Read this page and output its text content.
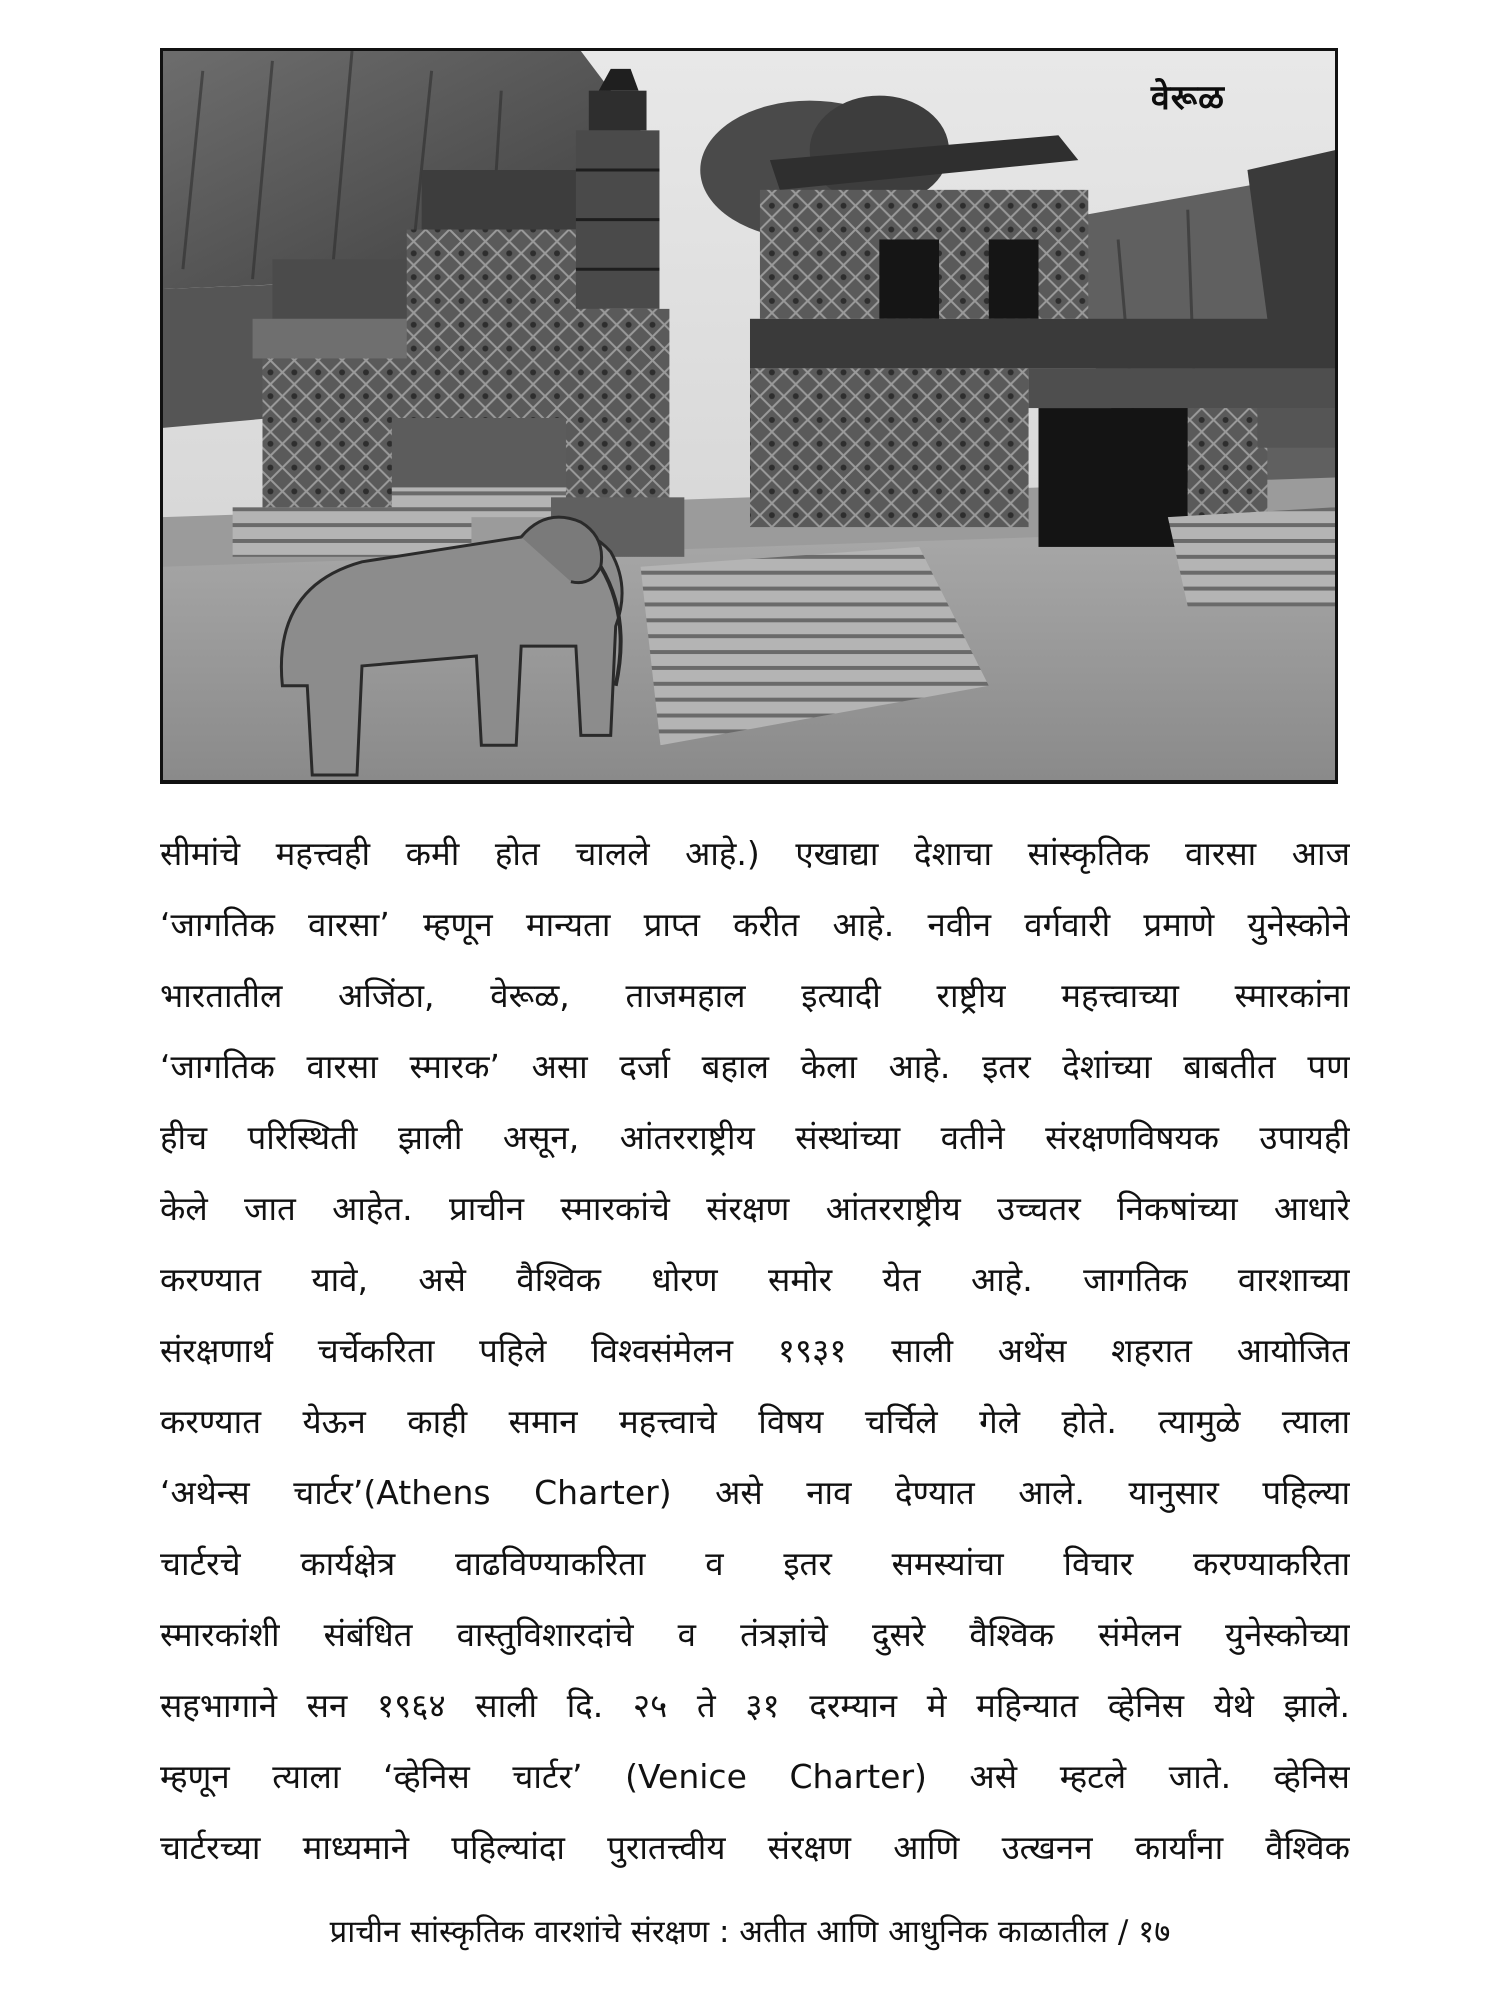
वेरूळ
सीमांचे महत्त्वही कमी होत चालले आहे.) एखाद्या देशाचा सांस्कृतिक वारसा आज
‘जागतिक वारसा’ म्हणून मान्यता प्राप्त करीत आहे. नवीन वर्गवारी प्रमाणे युनेस्कोने
भारतातील अजिंठा, वेरूळ, ताजमहाल इत्यादी राष्ट्रीय महत्त्वाच्या स्मारकांना
‘जागतिक वारसा स्मारक’ असा दर्जा बहाल केला आहे. इतर देशांच्या बाबतीत पण
हीच परिस्थिती झाली असून, आंतरराष्ट्रीय संस्थांच्या वतीने संरक्षणविषयक उपायही
केले जात आहेत. प्राचीन स्मारकांचे संरक्षण आंतरराष्ट्रीय उच्चतर निकषांच्या आधारे
करण्यात यावे, असे वैश्विक धोरण समोर येत आहे. जागतिक वारशाच्या
संरक्षणार्थ चर्चेकरिता पहिले विश्वसंमेलन १९३१ साली अथेंस शहरात आयोजित
करण्यात येऊन काही समान महत्त्वाचे विषय चर्चिले गेले होते. त्यामुळे त्याला
‘अथेन्स चार्टर’(Athens Charter) असे नाव देण्यात आले. यानुसार पहिल्या
चार्टरचे कार्यक्षेत्र वाढविण्याकरिता व इतर समस्यांचा विचार करण्याकरिता
स्मारकांशी संबंधित वास्तुविशारदांचे व तंत्रज्ञांचे दुसरे वैश्विक संमेलन युनेस्कोच्या
सहभागाने सन १९६४ साली दि. २५ ते ३१ दरम्यान मे महिन्यात व्हेनिस येथे झाले.
म्हणून त्याला ‘व्हेनिस चार्टर’ (Venice Charter) असे म्हटले जाते. व्हेनिस
चार्टरच्या माध्यमाने पहिल्यांदा पुरातत्त्वीय संरक्षण आणि उत्खनन कार्यांना वैश्विक
प्राचीन सांस्कृतिक वारशांचे संरक्षण : अतीत आणि आधुनिक काळातील / १७
